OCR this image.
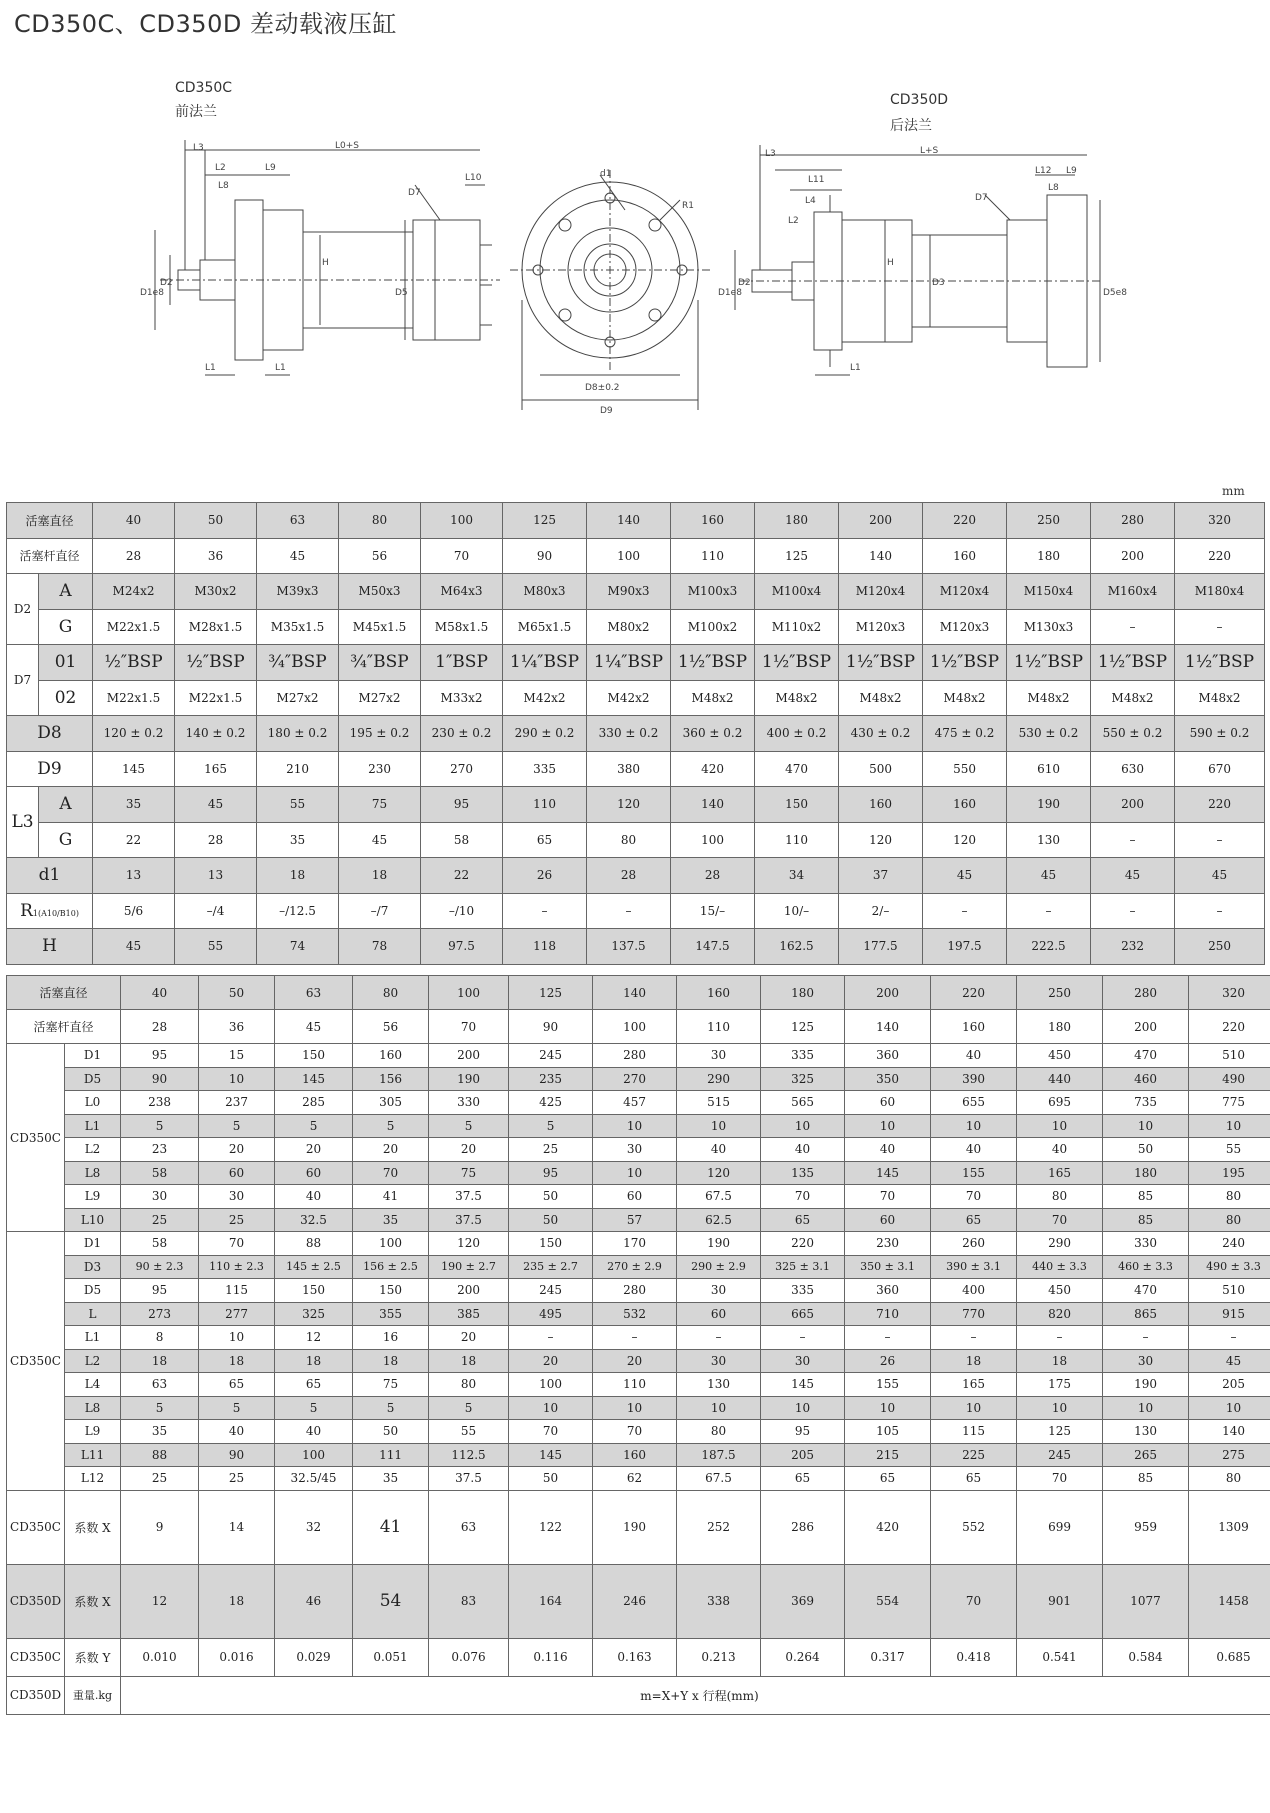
CD350C、CD350D 差动载液压缸
CD350C
前法兰
CD350D
后法兰
L3	L0+S
L2	L9
L8
L10
D7
D1e8
D2
H
D5
L1	L1
d1
R1
D8±0.2
D9
L3	L+S
L11
L4
L2
L12 L9
L8
D7
D1e8
D2
H
D3
D5e8
L1
mm
活塞直径		40	50	63	80	100	125	140	160	180	200	220	250	280	320
活塞杆直径		28	36	45	56	70	90	100	110	125	140	160	180	200	220
D2	A	M24x2	M30x2	M39x3	M50x3	M64x3	M80x3	M90x3	M100x3	M100x4	M120x4	M120x4	M150x4	M160x4	M180x4
	G	M22x1.5	M28x1.5	M35x1.5	M45x1.5	M58x1.5	M65x1.5	M80x2	M100x2	M110x2	M120x3	M120x3	M130x3	–	–
D7	01	½″BSP	½″BSP	¾″BSP	¾″BSP	1″BSP	1¼″BSP	1¼″BSP	1½″BSP	1½″BSP	1½″BSP	1½″BSP	1½″BSP	1½″BSP	1½″BSP
	02	M22x1.5	M22x1.5	M27x2	M27x2	M33x2	M42x2	M42x2	M48x2	M48x2	M48x2	M48x2	M48x2	M48x2	M48x2
D8		120 ± 0.2	140 ± 0.2	180 ± 0.2	195 ± 0.2	230 ± 0.2	290 ± 0.2	330 ± 0.2	360 ± 0.2	400 ± 0.2	430 ± 0.2	475 ± 0.2	530 ± 0.2	550 ± 0.2	590 ± 0.2
D9		145	165	210	230	270	335	380	420	470	500	550	610	630	670
L3	A	35	45	55	75	95	110	120	140	150	160	160	190	200	220
	G	22	28	35	45	58	65	80	100	110	120	120	130	–	–
d1		13	13	18	18	22	26	28	28	34	37	45	45	45	45
R1(A10/B10)		5/6	–/4	–/12.5	–/7	–/10	–	–	15/–	10/–	2/–	–	–	–	–
H		45	55	74	78	97.5	118	137.5	147.5	162.5	177.5	197.5	222.5	232	250
活塞直径		40	50	63	80	100	125	140	160	180	200	220	250	280	320
活塞杆直径		28	36	45	56	70	90	100	110	125	140	160	180	200	220
CD350C	D1	95	15	150	160	200	245	280	30	335	360	40	450	470	510
	D5	90	10	145	156	190	235	270	290	325	350	390	440	460	490
	L0	238	237	285	305	330	425	457	515	565	60	655	695	735	775
	L1	5	5	5	5	5	5	10	10	10	10	10	10	10	10
	L2	23	20	20	20	20	25	30	40	40	40	40	40	50	55
	L8	58	60	60	70	75	95	10	120	135	145	155	165	180	195
	L9	30	30	40	41	37.5	50	60	67.5	70	70	70	80	85	80
	L10	25	25	32.5	35	37.5	50	57	62.5	65	60	65	70	85	80
CD350C	D1	58	70	88	100	120	150	170	190	220	230	260	290	330	240
	D3	90 ± 2.3	110 ± 2.3	145 ± 2.5	156 ± 2.5	190 ± 2.7	235 ± 2.7	270 ± 2.9	290 ± 2.9	325 ± 3.1	350 ± 3.1	390 ± 3.1	440 ± 3.3	460 ± 3.3	490 ± 3.3
	D5	95	115	150	150	200	245	280	30	335	360	400	450	470	510
	L	273	277	325	355	385	495	532	60	665	710	770	820	865	915
	L1	8	10	12	16	20	–	–	–	–	–	–	–	–	–
	L2	18	18	18	18	18	20	20	30	30	26	18	18	30	45
	L4	63	65	65	75	80	100	110	130	145	155	165	175	190	205
	L8	5	5	5	5	5	10	10	10	10	10	10	10	10	10
	L9	35	40	40	50	55	70	70	80	95	105	115	125	130	140
	L11	88	90	100	111	112.5	145	160	187.5	205	215	225	245	265	275
	L12	25	25	32.5/45	35	37.5	50	62	67.5	65	65	65	70	85	80
CD350C	系数 X	9	14	32	41	63	122	190	252	286	420	552	699	959	1309
CD350D	系数 X	12	18	46	54	83	164	246	338	369	554	70	901	1077	1458
CD350C	系数 Y	0.010	0.016	0.029	0.051	0.076	0.116	0.163	0.213	0.264	0.317	0.418	0.541	0.584	0.685
CD350D	重量.kg	m=X+Y x 行程(mm)													
